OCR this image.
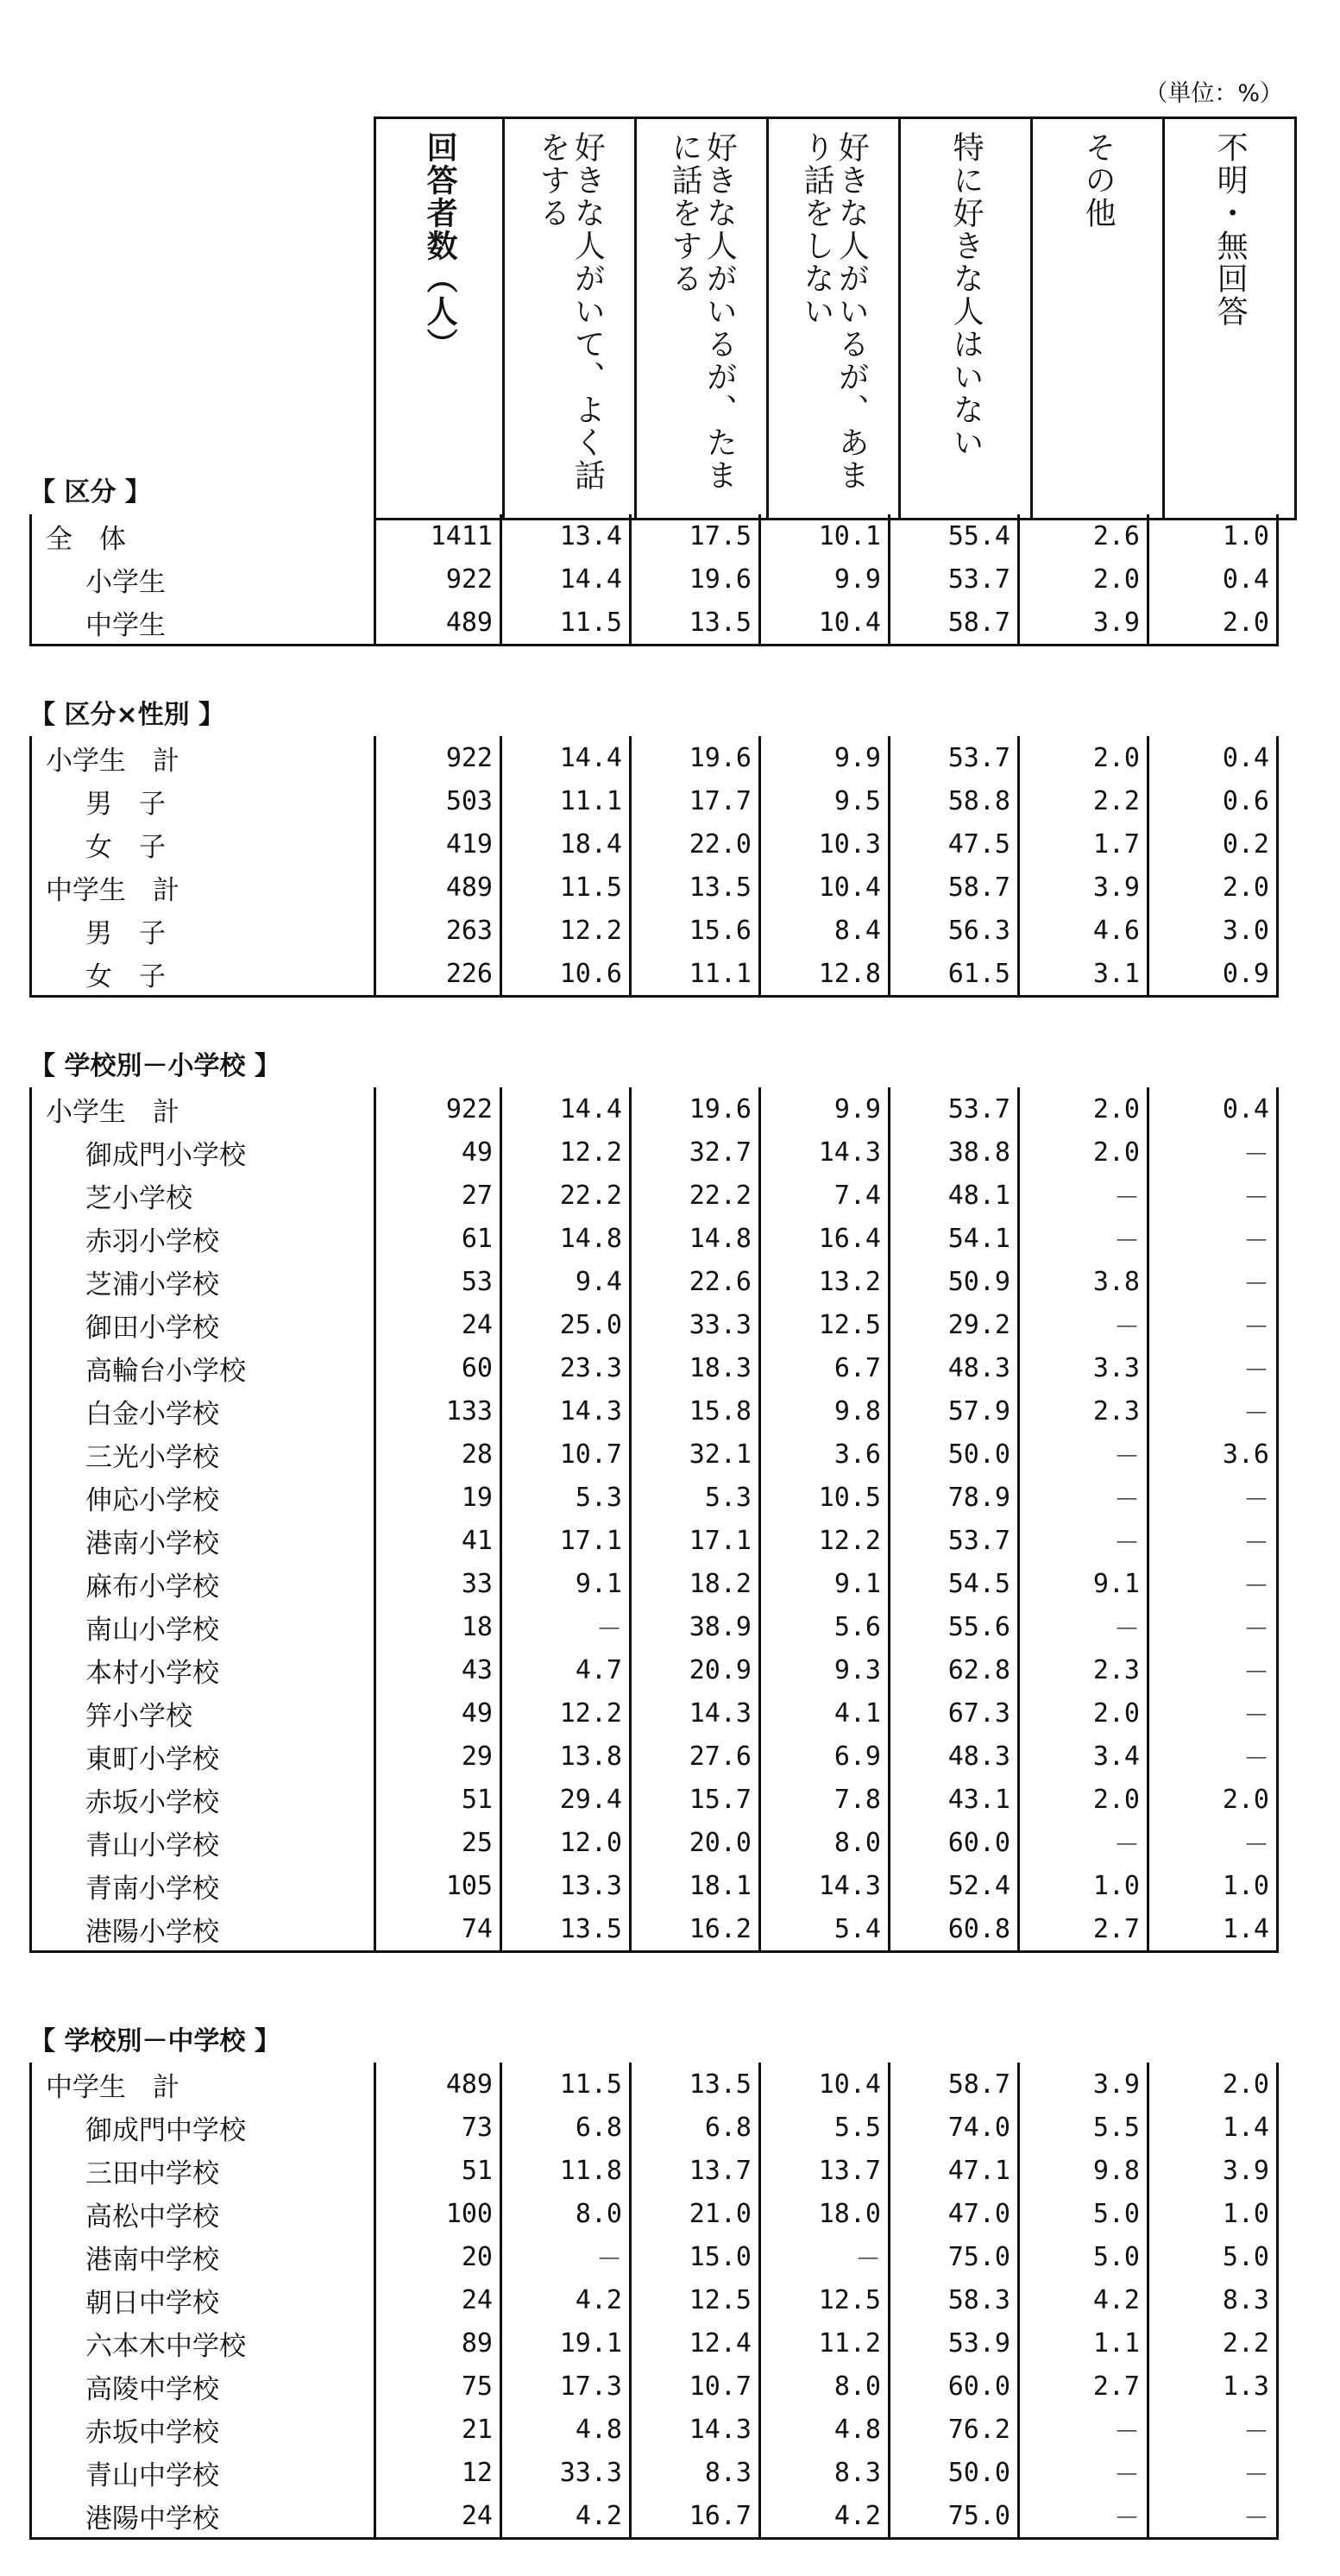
（単位：%）
回答者数（人）	好きな人がいて、よく話をする	好きな人がいるが、たまに話をする	好きな人がいるが、あまり話をしない	特に好きな人はいない	その他	不明・無回答
【 区分 】
全　体	1411	13.4	17.5	10.1	55.4	2.6	1.0
小学生	922	14.4	19.6	9.9	53.7	2.0	0.4
中学生	489	11.5	13.5	10.4	58.7	3.9	2.0
【 区分×性別 】
小学生　計	922	14.4	19.6	9.9	53.7	2.0	0.4
男　子	503	11.1	17.7	9.5	58.8	2.2	0.6
女　子	419	18.4	22.0	10.3	47.5	1.7	0.2
中学生　計	489	11.5	13.5	10.4	58.7	3.9	2.0
男　子	263	12.2	15.6	8.4	56.3	4.6	3.0
女　子	226	10.6	11.1	12.8	61.5	3.1	0.9
【 学校別－小学校 】
小学生　計	922	14.4	19.6	9.9	53.7	2.0	0.4
御成門小学校	49	12.2	32.7	14.3	38.8	2.0	－
芝小学校	27	22.2	22.2	7.4	48.1	－	－
赤羽小学校	61	14.8	14.8	16.4	54.1	－	－
芝浦小学校	53	9.4	22.6	13.2	50.9	3.8	－
御田小学校	24	25.0	33.3	12.5	29.2	－	－
高輪台小学校	60	23.3	18.3	6.7	48.3	3.3	－
白金小学校	133	14.3	15.8	9.8	57.9	2.3	－
三光小学校	28	10.7	32.1	3.6	50.0	－	3.6
伸応小学校	19	5.3	5.3	10.5	78.9	－	－
港南小学校	41	17.1	17.1	12.2	53.7	－	－
麻布小学校	33	9.1	18.2	9.1	54.5	9.1	－
南山小学校	18	－	38.9	5.6	55.6	－	－
本村小学校	43	4.7	20.9	9.3	62.8	2.3	－
笄小学校	49	12.2	14.3	4.1	67.3	2.0	－
東町小学校	29	13.8	27.6	6.9	48.3	3.4	－
赤坂小学校	51	29.4	15.7	7.8	43.1	2.0	2.0
青山小学校	25	12.0	20.0	8.0	60.0	－	－
青南小学校	105	13.3	18.1	14.3	52.4	1.0	1.0
港陽小学校	74	13.5	16.2	5.4	60.8	2.7	1.4
【 学校別－中学校 】
中学生　計	489	11.5	13.5	10.4	58.7	3.9	2.0
御成門中学校	73	6.8	6.8	5.5	74.0	5.5	1.4
三田中学校	51	11.8	13.7	13.7	47.1	9.8	3.9
高松中学校	100	8.0	21.0	18.0	47.0	5.0	1.0
港南中学校	20	－	15.0	－	75.0	5.0	5.0
朝日中学校	24	4.2	12.5	12.5	58.3	4.2	8.3
六本木中学校	89	19.1	12.4	11.2	53.9	1.1	2.2
高陵中学校	75	17.3	10.7	8.0	60.0	2.7	1.3
赤坂中学校	21	4.8	14.3	4.8	76.2	－	－
青山中学校	12	33.3	8.3	8.3	50.0	－	－
港陽中学校	24	4.2	16.7	4.2	75.0	－	－
